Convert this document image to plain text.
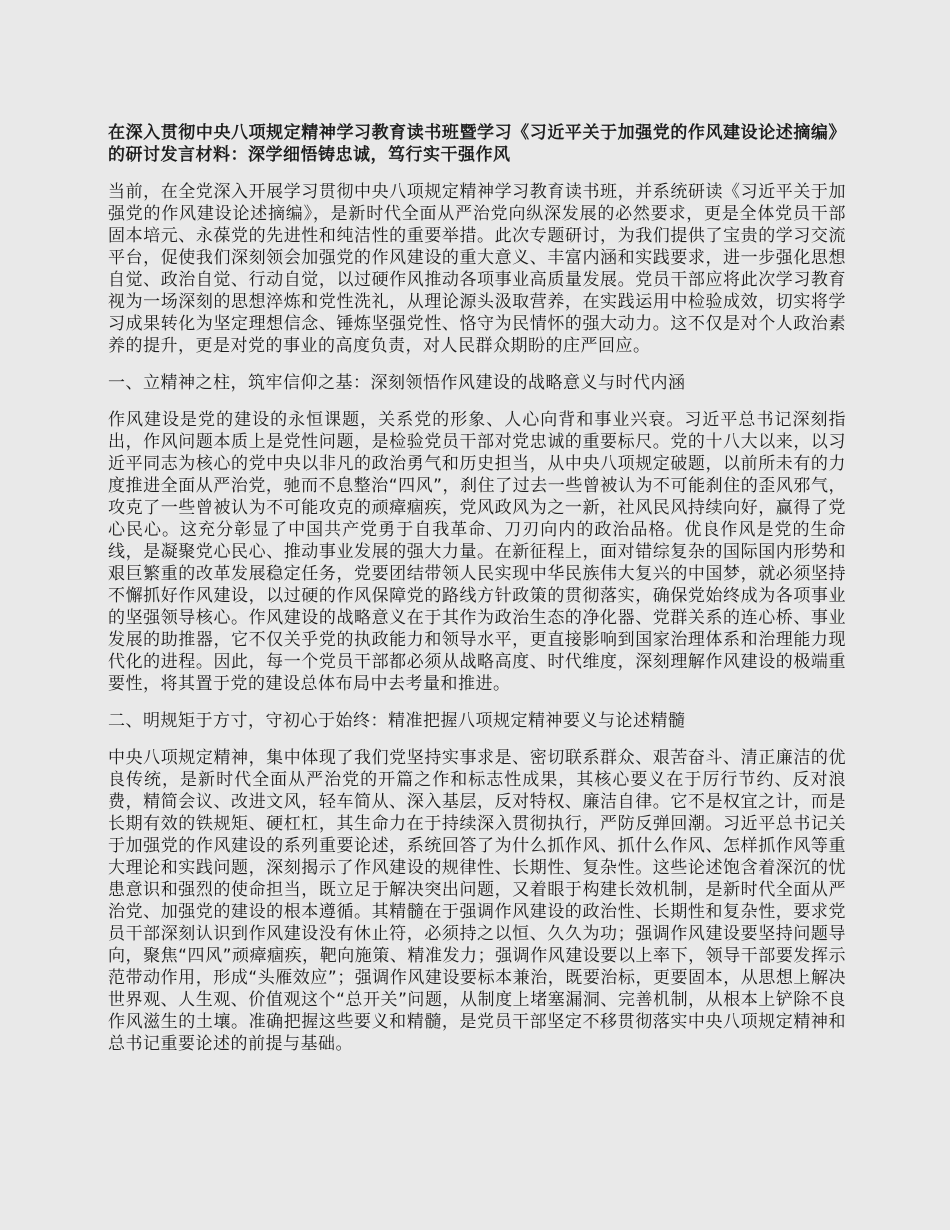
在深入贯彻中央八项规定精神学习教育读书班暨学习《习近平关于加强党的作风建设论述摘编》的研讨发言材料：深学细悟铸忠诚，笃行实干强作风

当前，在全党深入开展学习贯彻中央八项规定精神学习教育读书班，并系统研读《习近平关于加强党的作风建设论述摘编》，是新时代全面从严治党向纵深发展的必然要求，更是全体党员干部固本培元、永葆党的先进性和纯洁性的重要举措。此次专题研讨，为我们提供了宝贵的学习交流平台，促使我们深刻领会加强党的作风建设的重大意义、丰富内涵和实践要求，进一步强化思想自觉、政治自觉、行动自觉，以过硬作风推动各项事业高质量发展。党员干部应将此次学习教育视为一场深刻的思想淬炼和党性洗礼，从理论源头汲取营养，在实践运用中检验成效，切实将学习成果转化为坚定理想信念、锤炼坚强党性、恪守为民情怀的强大动力。这不仅是对个人政治素养的提升，更是对党的事业的高度负责，对人民群众期盼的庄严回应。

一、立精神之柱，筑牢信仰之基：深刻领悟作风建设的战略意义与时代内涵

作风建设是党的建设的永恒课题，关系党的形象、人心向背和事业兴衰。习近平总书记深刻指出，作风问题本质上是党性问题，是检验党员干部对党忠诚的重要标尺。党的十八大以来，以习近平同志为核心的党中央以非凡的政治勇气和历史担当，从中央八项规定破题，以前所未有的力度推进全面从严治党，驰而不息整治“四风”，刹住了过去一些曾被认为不可能刹住的歪风邪气，攻克了一些曾被认为不可能攻克的顽瘴痼疾，党风政风为之一新，社风民风持续向好，赢得了党心民心。这充分彰显了中国共产党勇于自我革命、刀刃向内的政治品格。优良作风是党的生命线，是凝聚党心民心、推动事业发展的强大力量。在新征程上，面对错综复杂的国际国内形势和艰巨繁重的改革发展稳定任务，党要团结带领人民实现中华民族伟大复兴的中国梦，就必须坚持不懈抓好作风建设，以过硬的作风保障党的路线方针政策的贯彻落实，确保党始终成为各项事业的坚强领导核心。作风建设的战略意义在于其作为政治生态的净化器、党群关系的连心桥、事业发展的助推器，它不仅关乎党的执政能力和领导水平，更直接影响到国家治理体系和治理能力现代化的进程。因此，每一个党员干部都必须从战略高度、时代维度，深刻理解作风建设的极端重要性，将其置于党的建设总体布局中去考量和推进。

二、明规矩于方寸，守初心于始终：精准把握八项规定精神要义与论述精髓

中央八项规定精神，集中体现了我们党坚持实事求是、密切联系群众、艰苦奋斗、清正廉洁的优良传统，是新时代全面从严治党的开篇之作和标志性成果，其核心要义在于厉行节约、反对浪费，精简会议、改进文风，轻车简从、深入基层，反对特权、廉洁自律。它不是权宜之计，而是长期有效的铁规矩、硬杠杠，其生命力在于持续深入贯彻执行，严防反弹回潮。习近平总书记关于加强党的作风建设的系列重要论述，系统回答了为什么抓作风、抓什么作风、怎样抓作风等重大理论和实践问题，深刻揭示了作风建设的规律性、长期性、复杂性。这些论述饱含着深沉的忧患意识和强烈的使命担当，既立足于解决突出问题，又着眼于构建长效机制，是新时代全面从严治党、加强党的建设的根本遵循。其精髓在于强调作风建设的政治性、长期性和复杂性，要求党员干部深刻认识到作风建设没有休止符，必须持之以恒、久久为功；强调作风建设要坚持问题导向，聚焦“四风”顽瘴痼疾，靶向施策、精准发力；强调作风建设要以上率下，领导干部要发挥示范带动作用，形成“头雁效应”；强调作风建设要标本兼治，既要治标，更要固本，从思想上解决世界观、人生观、价值观这个“总开关”问题，从制度上堵塞漏洞、完善机制，从根本上铲除不良作风滋生的土壤。准确把握这些要义和精髓，是党员干部坚定不移贯彻落实中央八项规定精神和总书记重要论述的前提与基础。
